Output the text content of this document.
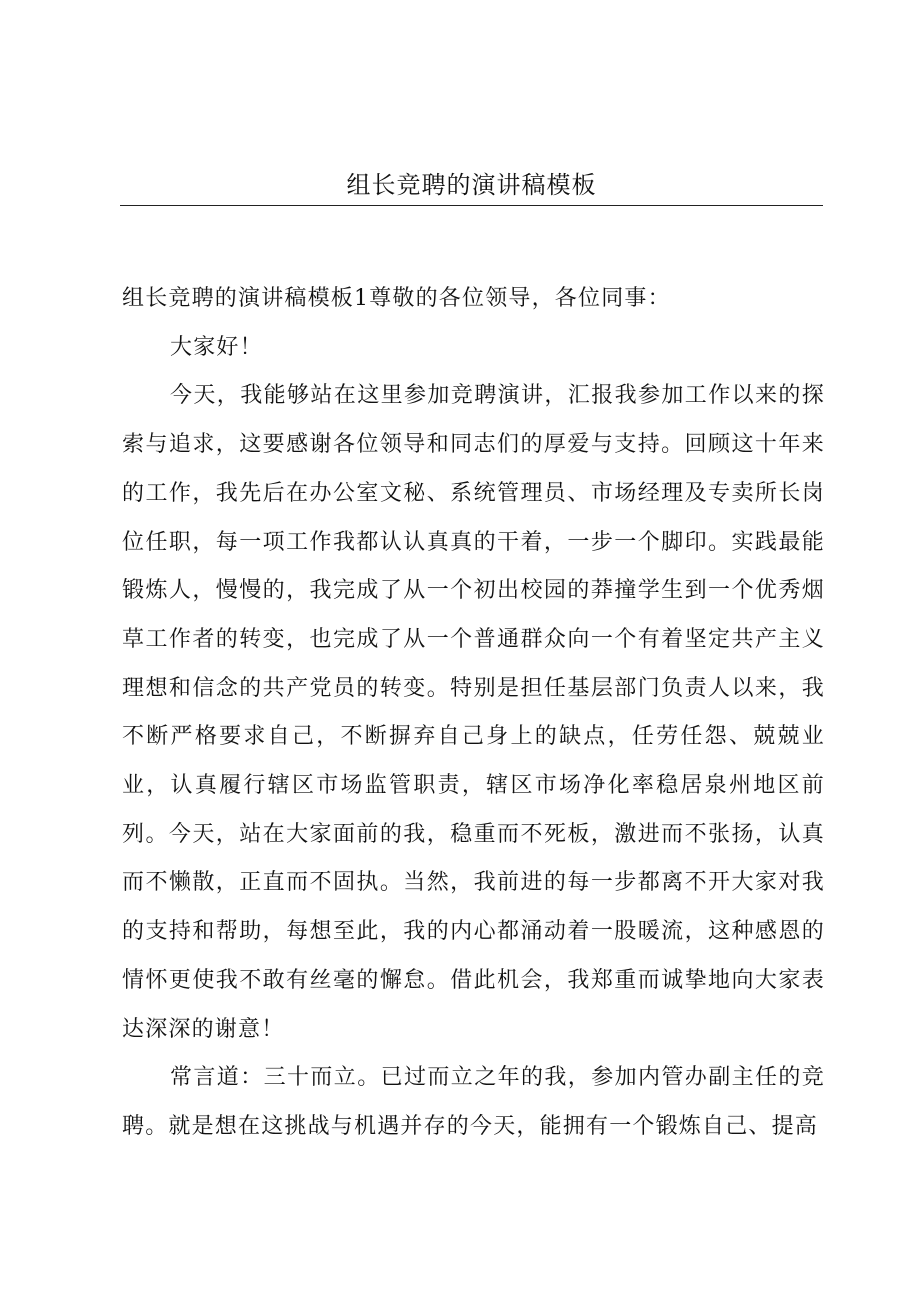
组长竞聘的演讲稿模板

组长竞聘的演讲稿模板1尊敬的各位领导，各位同事：

大家好！

今天，我能够站在这里参加竞聘演讲，汇报我参加工作以来的探索与追求，这要感谢各位领导和同志们的厚爱与支持。回顾这十年来的工作，我先后在办公室文秘、系统管理员、市场经理及专卖所长岗位任职，每一项工作我都认认真真的干着，一步一个脚印。实践最能锻炼人，慢慢的，我完成了从一个初出校园的莽撞学生到一个优秀烟草工作者的转变，也完成了从一个普通群众向一个有着坚定共产主义理想和信念的共产党员的转变。特别是担任基层部门负责人以来，我不断严格要求自己，不断摒弃自己身上的缺点，任劳任怨、兢兢业业，认真履行辖区市场监管职责，辖区市场净化率稳居泉州地区前列。今天，站在大家面前的我，稳重而不死板，激进而不张扬，认真而不懒散，正直而不固执。当然，我前进的每一步都离不开大家对我的支持和帮助，每想至此，我的内心都涌动着一股暖流，这种感恩的情怀更使我不敢有丝毫的懈怠。借此机会，我郑重而诚挚地向大家表达深深的谢意！

常言道：三十而立。已过而立之年的我，参加内管办副主任的竞聘。就是想在这挑战与机遇并存的今天，能拥有一个锻炼自己、提高
